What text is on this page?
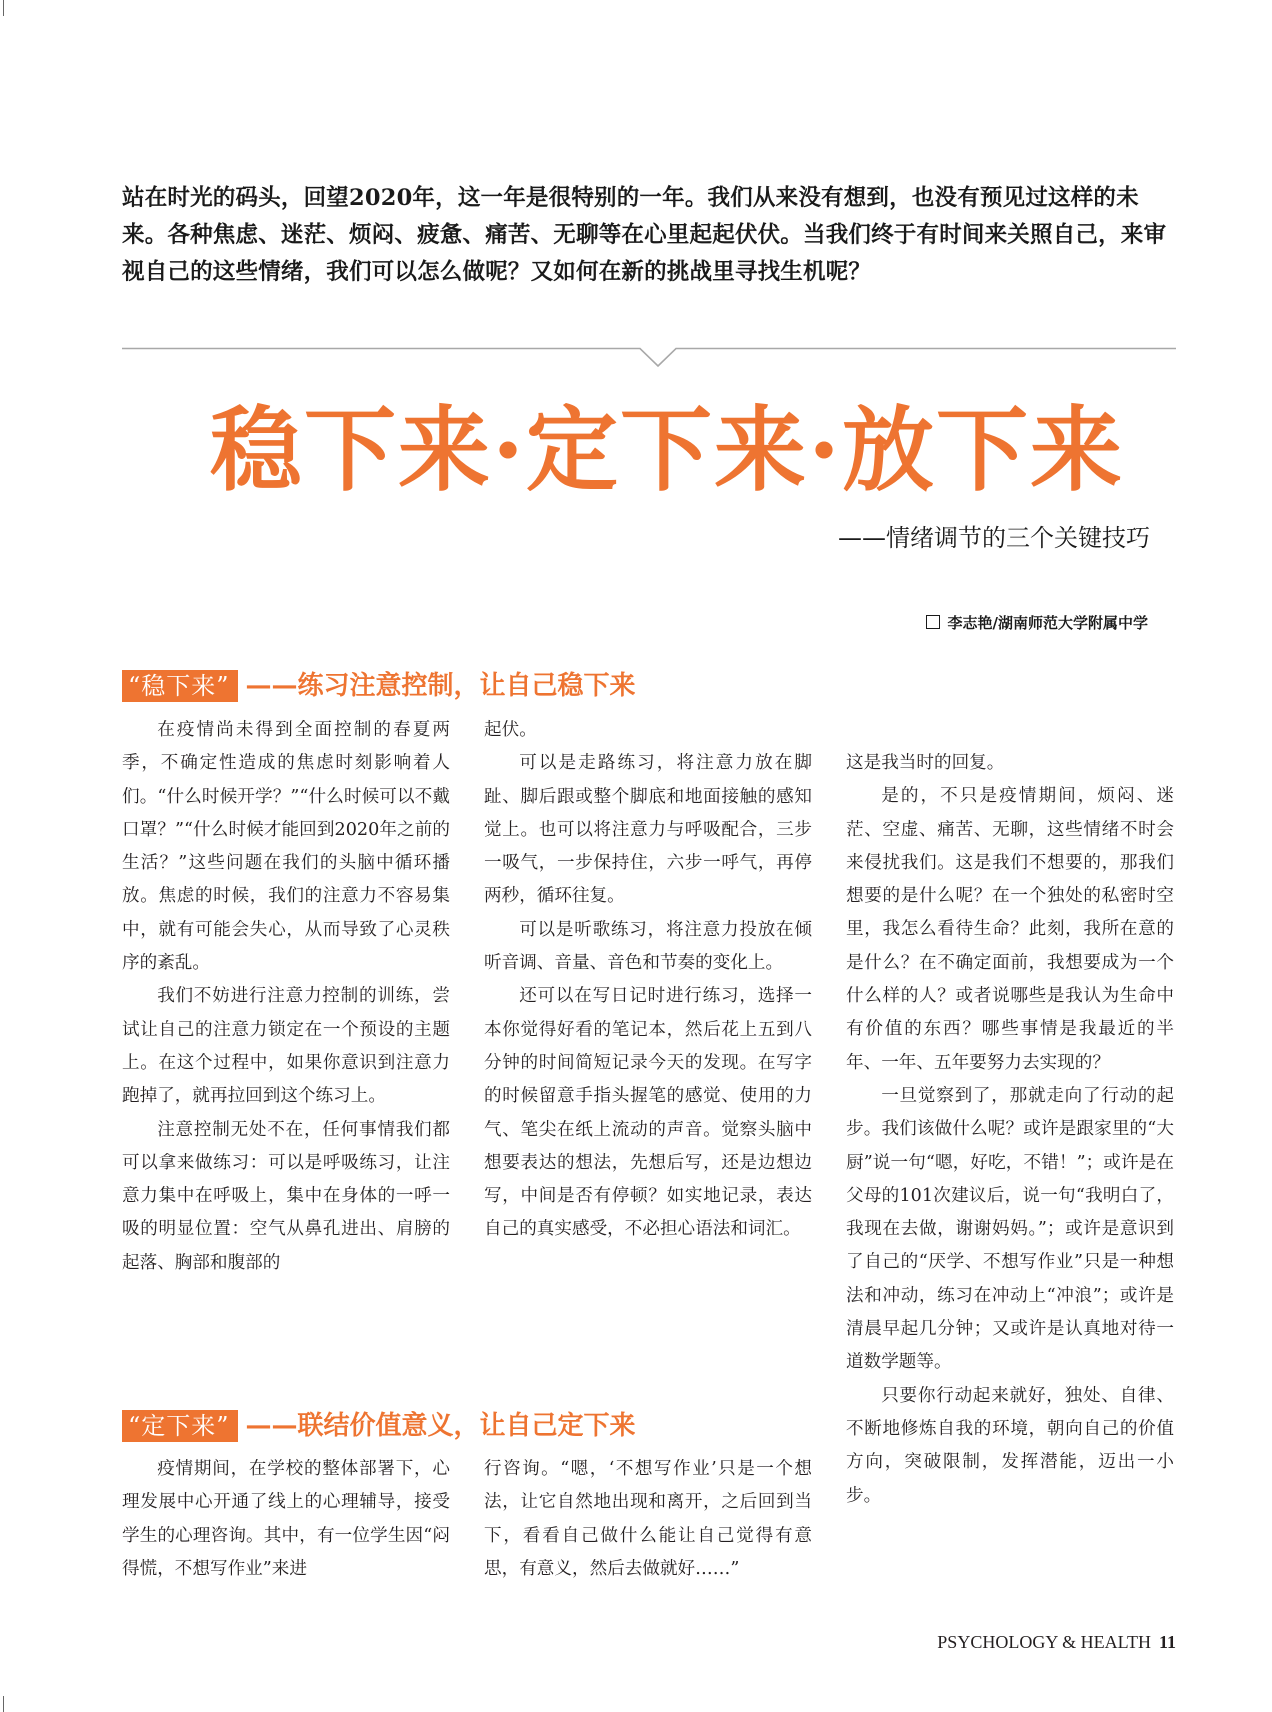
站在时光的码头，回望2020年，这一年是很特别的一年。我们从来没有想到，也没有预见过这样的未来。各种焦虑、迷茫、烦闷、疲惫、痛苦、无聊等在心里起起伏伏。当我们终于有时间来关照自己，来审视自己的这些情绪，我们可以怎么做呢？又如何在新的挑战里寻找生机呢？
稳下来·定下来·放下来
——情绪调节的三个关键技巧
李志艳/湖南师范大学附属中学
“稳下来” ——练习注意控制，让自己稳下来

在疫情尚未得到全面控制的春夏两季，不确定性造成的焦虑时刻影响着人们。“什么时候开学？”“什么时候可以不戴口罩？”“什么时候才能回到2020年之前的生活？”这些问题在我们的头脑中循环播放。焦虑的时候，我们的注意力不容易集中，就有可能会失心，从而导致了心灵秩序的紊乱。

我们不妨进行注意力控制的训练，尝试让自己的注意力锁定在一个预设的主题上。在这个过程中，如果你意识到注意力跑掉了，就再拉回到这个练习上。

注意控制无处不在，任何事情我们都可以拿来做练习：可以是呼吸练习，让注意力集中在呼吸上，集中在身体的一呼一吸的明显位置：空气从鼻孔进出、肩膀的起落、胸部和腹部的

起伏。

可以是走路练习，将注意力放在脚趾、脚后跟或整个脚底和地面接触的感知觉上。也可以将注意力与呼吸配合，三步一吸气，一步保持住，六步一呼气，再停两秒，循环往复。

可以是听歌练习，将注意力投放在倾听音调、音量、音色和节奏的变化上。

还可以在写日记时进行练习，选择一本你觉得好看的笔记本，然后花上五到八分钟的时间简短记录今天的发现。在写字的时候留意手指头握笔的感觉、使用的力气、笔尖在纸上流动的声音。觉察头脑中想要表达的想法，先想后写，还是边想边写，中间是否有停顿？如实地记录，表达自己的真实感受，不必担心语法和词汇。

这是我当时的回复。

是的，不只是疫情期间，烦闷、迷茫、空虚、痛苦、无聊，这些情绪不时会来侵扰我们。这是我们不想要的，那我们想要的是什么呢？在一个独处的私密时空里，我怎么看待生命？此刻，我所在意的是什么？在不确定面前，我想要成为一个什么样的人？或者说哪些是我认为生命中有价值的东西？哪些事情是我最近的半年、一年、五年要努力去实现的？

一旦觉察到了，那就走向了行动的起步。我们该做什么呢？或许是跟家里的“大厨”说一句“嗯，好吃，不错！”；或许是在父母的101次建议后，说一句“我明白了，我现在去做，谢谢妈妈。”；或许是意识到了自己的“厌学、不想写作业”只是一种想法和冲动，练习在冲动上“冲浪”；或许是清晨早起几分钟；又或许是认真地对待一道数学题等。

只要你行动起来就好，独处、自律、不断地修炼自我的环境，朝向自己的价值方向，突破限制，发挥潜能，迈出一小步。

“定下来” ——联结价值意义，让自己定下来

疫情期间，在学校的整体部署下，心理发展中心开通了线上的心理辅导，接受学生的心理咨询。其中，有一位学生因“闷得慌，不想写作业”来进

行咨询。“嗯，‘不想写作业’只是一个想法，让它自然地出现和离开，之后回到当下，看看自己做什么能让自己觉得有意思，有意义，然后去做就好……”

PSYCHOLOGY & HEALTH 11
